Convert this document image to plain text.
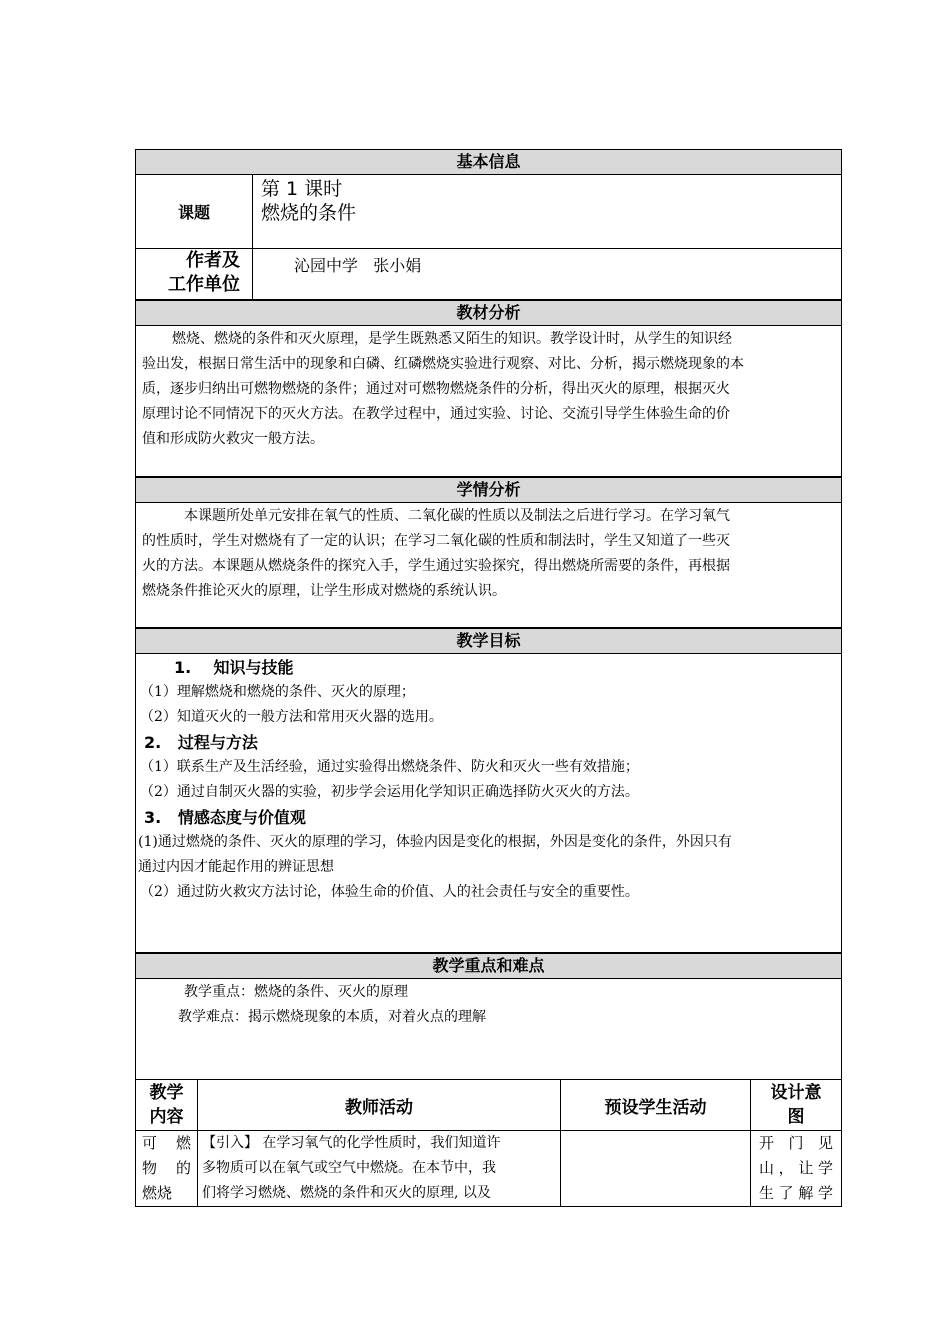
基本信息
课题
第 1 课时
燃烧的条件
作者及
工作单位
沁园中学   张小娟
教材分析
燃烧、燃烧的条件和灭火原理，是学生既熟悉又陌生的知识。教学设计时，从学生的知识经
验出发，根据日常生活中的现象和白磷、红磷燃烧实验进行观察、对比、分析，揭示燃烧现象的本
质，逐步归纳出可燃物燃烧的条件；通过对可燃物燃烧条件的分析，得出灭火的原理，根据灭火
原理讨论不同情况下的灭火方法。在教学过程中，通过实验、讨论、交流引导学生体验生命的价
值和形成防火救灾一般方法。
学情分析
本课题所处单元安排在氧气的性质、二氧化碳的性质以及制法之后进行学习。在学习氧气
的性质时，学生对燃烧有了一定的认识；在学习二氧化碳的性质和制法时，学生又知道了一些灭
火的方法。本课题从燃烧条件的探究入手，学生通过实验探究，得出燃烧所需要的条件，再根据
燃烧条件推论灭火的原理，让学生形成对燃烧的系统认识。
教学目标
1.    知识与技能
（1）理解燃烧和燃烧的条件、灭火的原理；
（2）知道灭火的一般方法和常用灭火器的选用。
2.   过程与方法
（1）联系生产及生活经验，通过实验得出燃烧条件、防火和灭火一些有效措施；
（2）通过自制灭火器的实验，初步学会运用化学知识正确选择防火灭火的方法。
3.   情感态度与价值观
(1)通过燃烧的条件、灭火的原理的学习，体验内因是变化的根据，外因是变化的条件，外因只有
通过内因才能起作用的辨证思想
（2）通过防火救灾方法讨论，体验生命的价值、人的社会责任与安全的重要性。
教学重点和难点
教学重点：燃烧的条件、灭火的原理
教学难点：揭示燃烧现象的本质，对着火点的理解
教学
内容	教师活动	预设学生活动
设计意
图
可燃
物的
燃烧
【引入】 在学习氧气的化学性质时，我们知道许
多物质可以在氧气或空气中燃烧。在本节中，我
们将学习燃烧、燃烧的条件和灭火的原理, 以及
开门见
山，让学
生了解学
